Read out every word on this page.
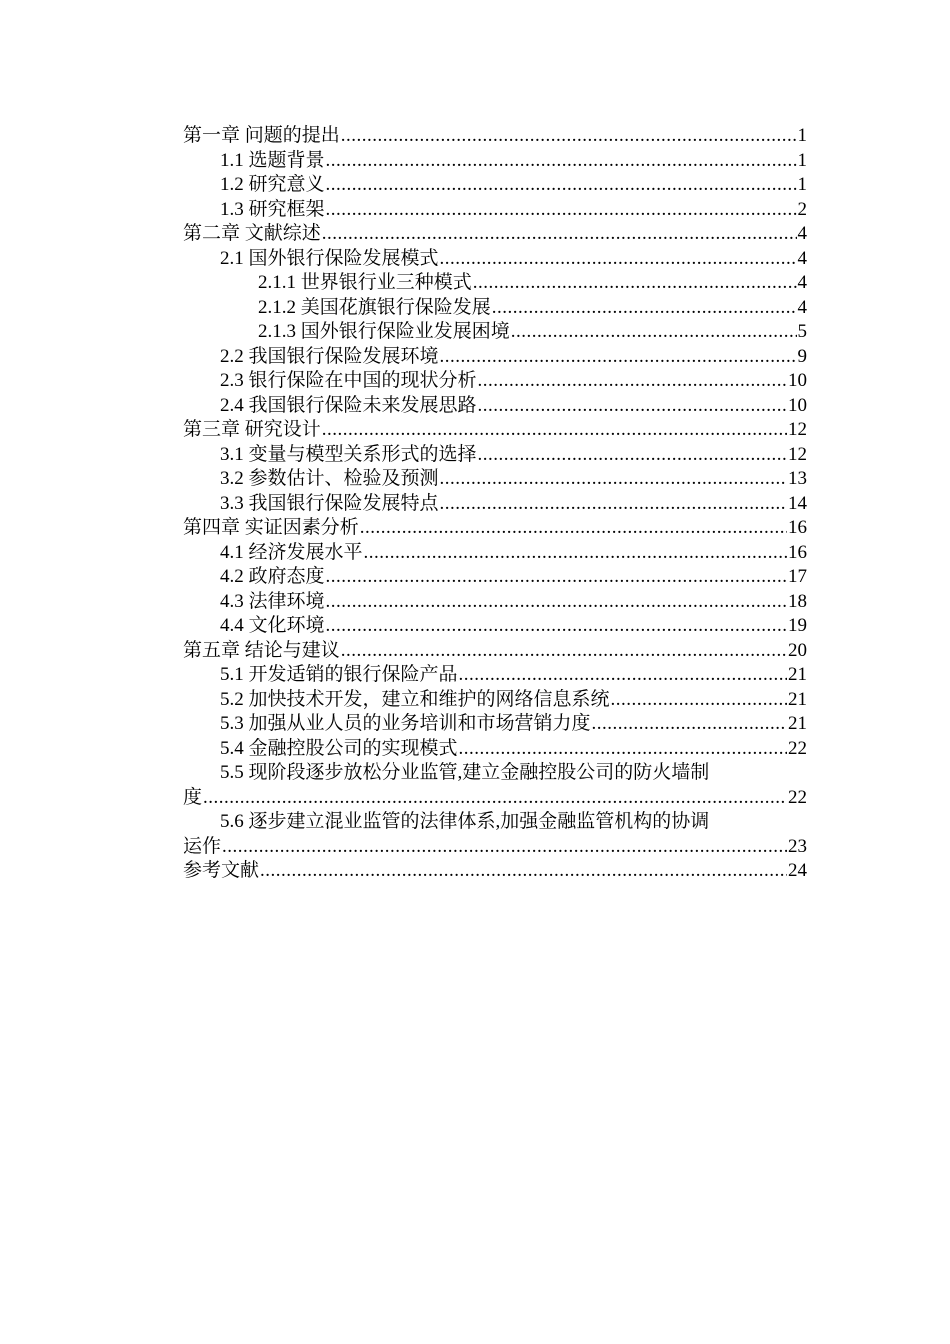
第一章 问题的提出 .....	1
1.1 选题背景 .....	1
1.2 研究意义 .....	1
1.3 研究框架 .....	2
第二章 文献综述 .....	4
2.1 国外银行保险发展模式 .....	4
2.1.1 世界银行业三种模式 .....	4
2.1.2 美国花旗银行保险发展 .....	4
2.1.3 国外银行保险业发展困境 .....	5
2.2 我国银行保险发展环境 .....	9
2.3 银行保险在中国的现状分析 .....	10
2.4 我国银行保险未来发展思路 .....	10
第三章 研究设计 .....	12
3.1 变量与模型关系形式的选择 .....	12
3.2 参数估计、检验及预测 .....	13
3.3 我国银行保险发展特点 .....	14
第四章 实证因素分析 .....	16
4.1 经济发展水平 .....	16
4.2 政府态度 .....	17
4.3 法律环境 .....	18
4.4 文化环境 .....	19
第五章 结论与建议 .....	20
5.1 开发适销的银行保险产品 .....	21
5.2 加快技术开发，建立和维护的网络信息系统 .....	21
5.3 加强从业人员的业务培训和市场营销力度 .....	21
5.4 金融控股公司的实现模式 .....	22
5.5 现阶段逐步放松分业监管,建立金融控股公司的防火墙制
度 .....	22
5.6 逐步建立混业监管的法律体系,加强金融监管机构的协调
运作 .....	23
参考文献 .....	24
